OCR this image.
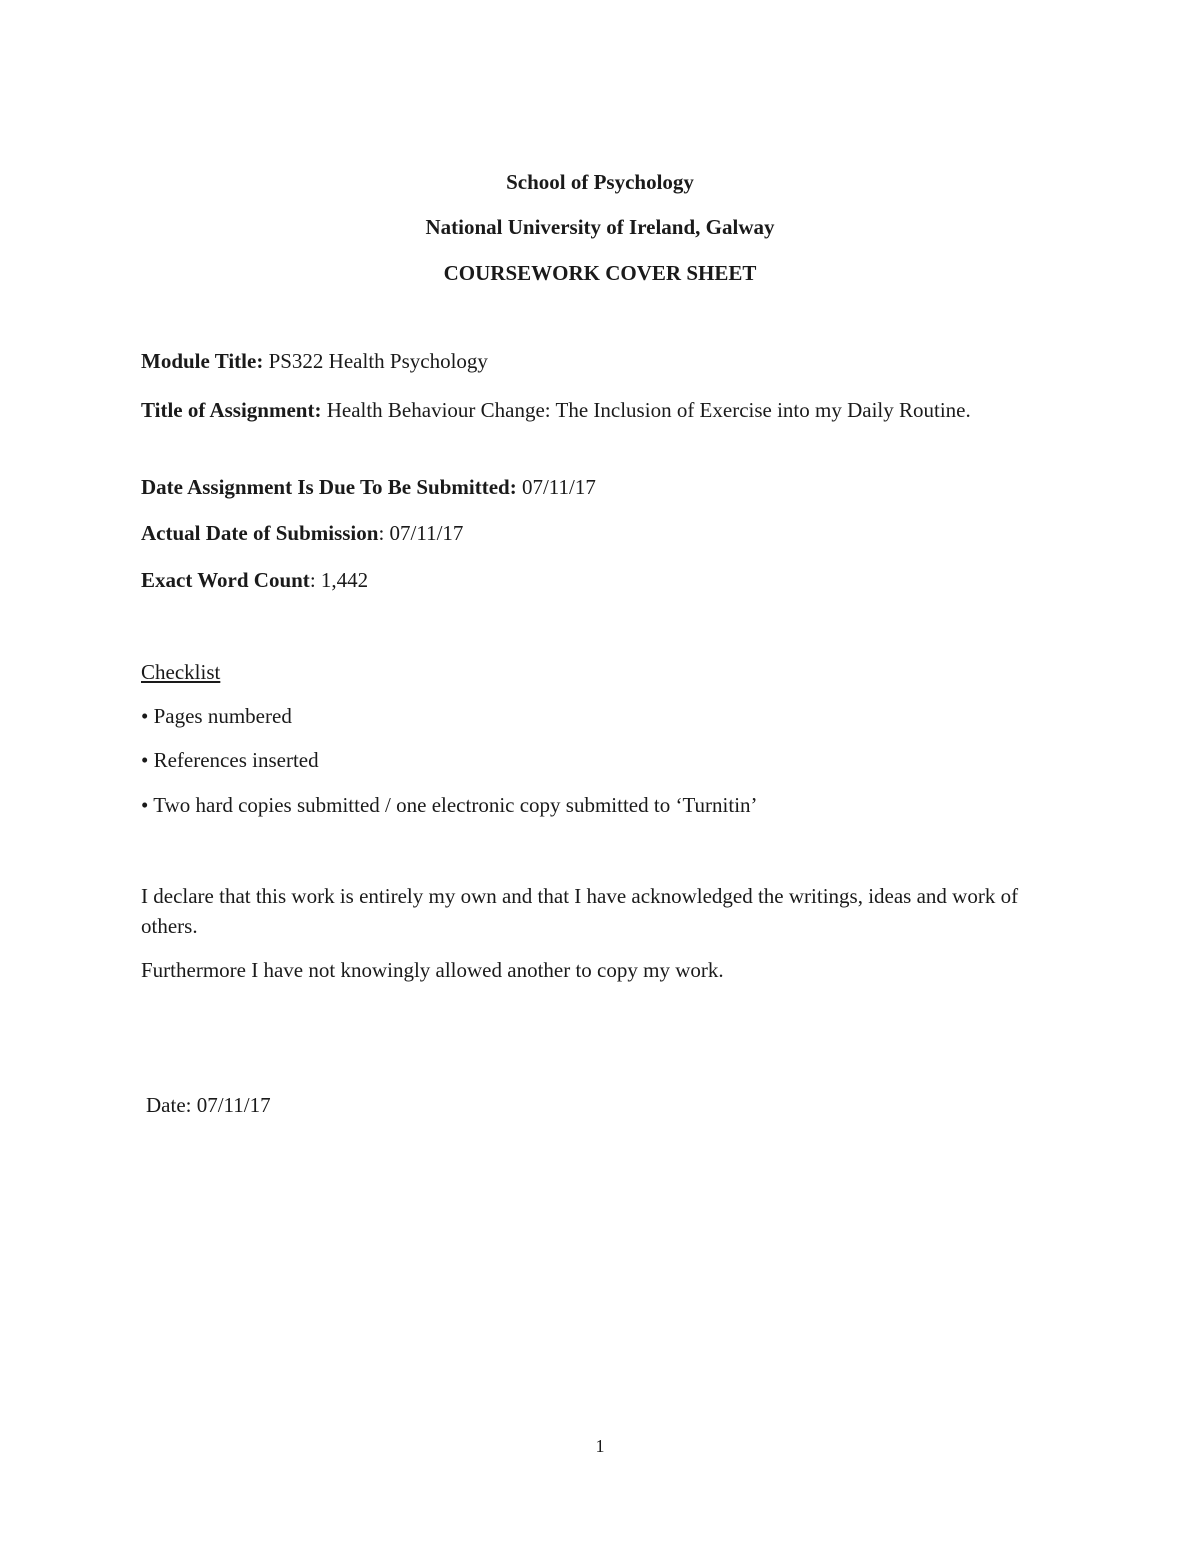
School of Psychology
National University of Ireland, Galway
COURSEWORK COVER SHEET
Module Title: PS322 Health Psychology
Title of Assignment: Health Behaviour Change: The Inclusion of Exercise into my Daily Routine.
Date Assignment Is Due To Be Submitted: 07/11/17
Actual Date of Submission: 07/11/17
Exact Word Count: 1,442
Checklist
• Pages numbered
• References inserted
• Two hard copies submitted / one electronic copy submitted to ‘Turnitin’
I declare that this work is entirely my own and that I have acknowledged the writings, ideas and work of others.
Furthermore I have not knowingly allowed another to copy my work.
Date: 07/11/17
1
